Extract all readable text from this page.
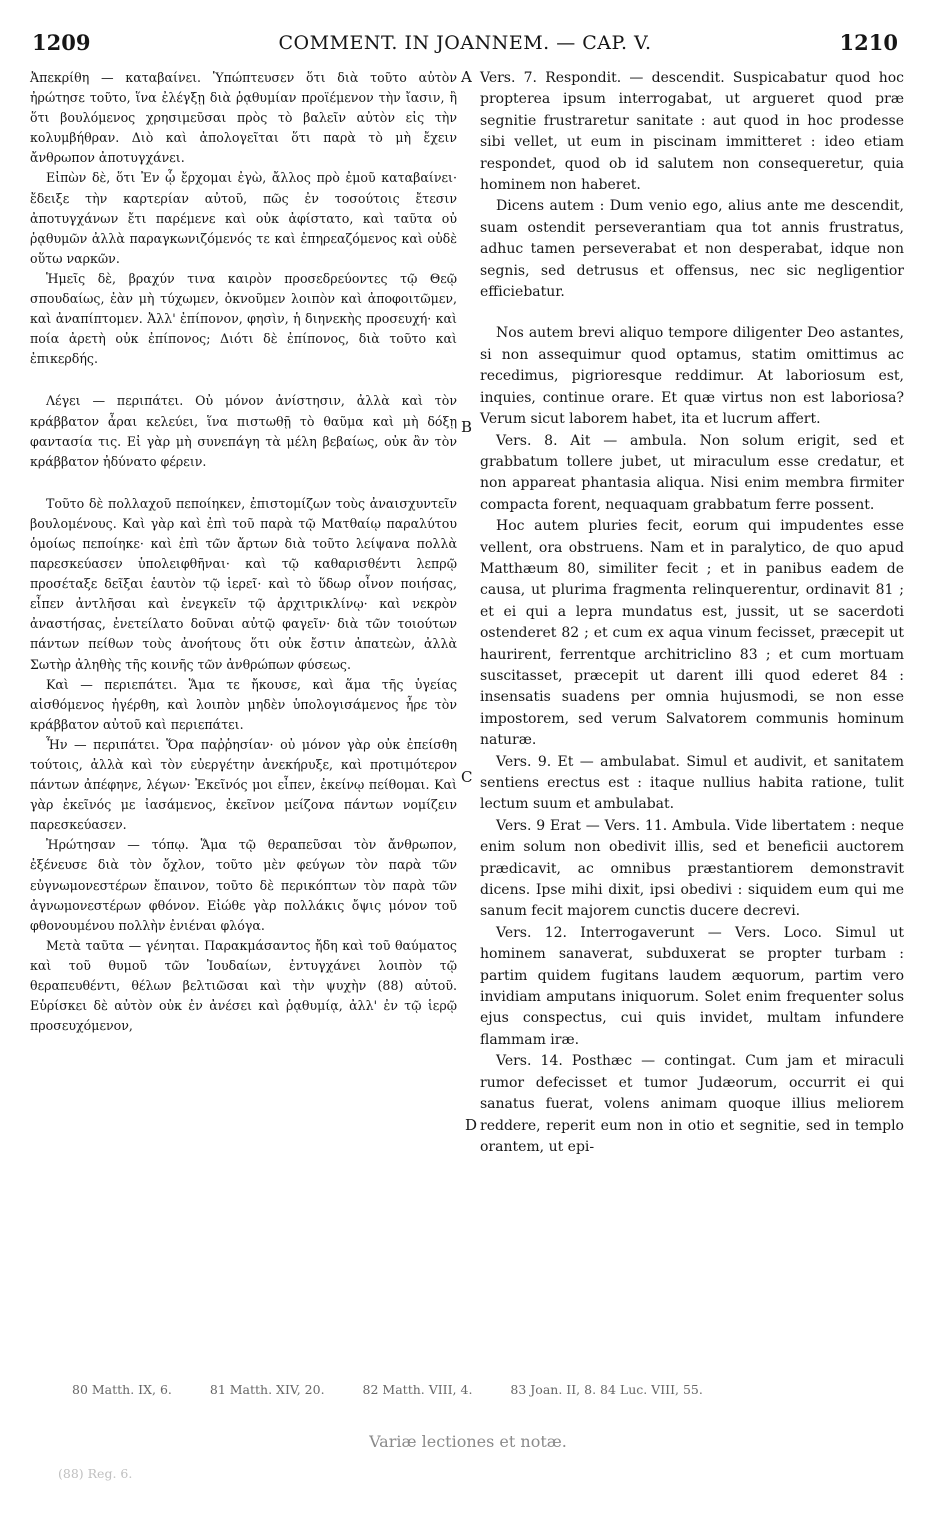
1209	COMMENT. IN JOANNEM. — CAP. V.	1210

Ἀπεκρίθη — καταβαίνει. Ὑπώπτευσεν ὅτι διὰ τοῦτο αὐτὸν ἠρώτησε τοῦτο, ἵνα ἐλέγξῃ διὰ ῥᾳθυμίαν προϊέμενον τὴν ἴασιν, ἢ ὅτι βουλόμενος χρησιμεῦσαι πρὸς τὸ βαλεῖν αὐτὸν εἰς τὴν κολυμβήθραν. Διὸ καὶ ἀπολογεῖται ὅτι παρὰ τὸ μὴ ἔχειν ἄνθρωπον ἀποτυγχάνει.

Εἰπὼν δὲ, ὅτι Ἐν ᾧ ἔρχομαι ἐγὼ, ἄλλος πρὸ ἐμοῦ καταβαίνει· ἔδειξε τὴν καρτερίαν αὐτοῦ, πῶς ἐν τοσούτοις ἔτεσιν ἀποτυγχάνων ἔτι παρέμενε καὶ οὐκ ἀφίστατο, καὶ ταῦτα οὐ ῥᾳθυμῶν ἀλλὰ παραγκωνιζόμενός τε καὶ ἐπηρεαζόμενος καὶ οὐδὲ οὕτω ναρκῶν.

Ἡμεῖς δὲ, βραχύν τινα καιρὸν προσεδρεύοντες τῷ Θεῷ σπουδαίως, ἐὰν μὴ τύχωμεν, ὀκνοῦμεν λοιπὸν καὶ ἀποφοιτῶμεν, καὶ ἀναπίπτομεν. Ἀλλ' ἐπίπονον, φησὶν, ἡ διηνεκὴς προσευχή· καὶ ποία ἀρετὴ οὐκ ἐπίπονος; Διότι δὲ ἐπίπονος, διὰ τοῦτο καὶ ἐπικερδής.

Λέγει — περιπάτει. Οὐ μόνον ἀνίστησιν, ἀλλὰ καὶ τὸν κράββατον ἆραι κελεύει, ἵνα πιστωθῇ τὸ θαῦμα καὶ μὴ δόξῃ φαντασία τις. Εἰ γὰρ μὴ συνεπάγη τὰ μέλη βεβαίως, οὐκ ἂν τὸν κράββατον ἠδύνατο φέρειν.

Τοῦτο δὲ πολλαχοῦ πεποίηκεν, ἐπιστομίζων τοὺς ἀναισχυντεῖν βουλομένους. Καὶ γὰρ καὶ ἐπὶ τοῦ παρὰ τῷ Ματθαίῳ παραλύτου ὁμοίως πεποίηκε· καὶ ἐπὶ τῶν ἄρτων διὰ τοῦτο λείψανα πολλὰ παρεσκεύασεν ὑπολειφθῆναι· καὶ τῷ καθαρισθέντι λεπρῷ προσέταξε δεῖξαι ἑαυτὸν τῷ ἱερεῖ· καὶ τὸ ὕδωρ οἶνον ποιήσας, εἶπεν ἀντλῆσαι καὶ ἐνεγκεῖν τῷ ἀρχιτρικλίνῳ· καὶ νεκρὸν ἀναστήσας, ἐνετείλατο δοῦναι αὐτῷ φαγεῖν· διὰ τῶν τοιούτων πάντων πείθων τοὺς ἀνοήτους ὅτι οὐκ ἔστιν ἀπατεὼν, ἀλλὰ Σωτὴρ ἀληθὴς τῆς κοινῆς τῶν ἀνθρώπων φύσεως.

Καὶ — περιεπάτει. Ἅμα τε ἤκουσε, καὶ ἅμα τῆς ὑγείας αἰσθόμενος ἠγέρθη, καὶ λοιπὸν μηδὲν ὑπολογισάμενος ἦρε τὸν κράββατον αὐτοῦ καὶ περιεπάτει.

Ἦν — περιπάτει. Ὅρα παῤῥησίαν· οὐ μόνον γὰρ οὐκ ἐπείσθη τούτοις, ἀλλὰ καὶ τὸν εὐεργέτην ἀνεκήρυξε, καὶ προτιμότερον πάντων ἀπέφηνε, λέγων· Ἐκεῖνός μοι εἶπεν, ἐκείνῳ πείθομαι. Καὶ γὰρ ἐκεῖνός με ἰασάμενος, ἐκεῖνον μείζονα πάντων νομίζειν παρεσκεύασεν.

Ἠρώτησαν — τόπῳ. Ἅμα τῷ θεραπεῦσαι τὸν ἄνθρωπον, ἐξένευσε διὰ τὸν ὄχλον, τοῦτο μὲν φεύγων τὸν παρὰ τῶν εὐγνωμονεστέρων ἔπαινον, τοῦτο δὲ περικόπτων τὸν παρὰ τῶν ἀγνωμονεστέρων φθόνον. Εἰώθε γὰρ πολλάκις ὄψις μόνον τοῦ φθονουμένου πολλὴν ἐνιέναι φλόγα.

Μετὰ ταῦτα — γένηται. Παρακμάσαντος ἤδη καὶ τοῦ θαύματος καὶ τοῦ θυμοῦ τῶν Ἰουδαίων, ἐντυγχάνει λοιπὸν τῷ θεραπευθέντι, θέλων βελτιῶσαι καὶ τὴν ψυχὴν (88) αὐτοῦ. Εὑρίσκει δὲ αὐτὸν οὐκ ἐν ἀνέσει καὶ ῥᾳθυμίᾳ, ἀλλ' ἐν τῷ ἱερῷ προσευχόμενον,

A
B
C
D

Vers. 7. Respondit. — descendit. Suspicabatur quod hoc propterea ipsum interrogabat, ut argueret quod præ segnitie frustraretur sanitate : aut quod in hoc prodesse sibi vellet, ut eum in piscinam immitteret : ideo etiam respondet, quod ob id salutem non consequeretur, quia hominem non haberet.

Dicens autem : Dum venio ego, alius ante me descendit, suam ostendit perseverantiam qua tot annis frustratus, adhuc tamen perseverabat et non desperabat, idque non segnis, sed detrusus et offensus, nec sic negligentior efficiebatur.

Nos autem brevi aliquo tempore diligenter Deo astantes, si non assequimur quod optamus, statim omittimus ac recedimus, pigrioresque reddimur. At laboriosum est, inquies, continue orare. Et quæ virtus non est laboriosa? Verum sicut laborem habet, ita et lucrum affert.

Vers. 8. Ait — ambula. Non solum erigit, sed et grabbatum tollere jubet, ut miraculum esse credatur, et non appareat phantasia aliqua. Nisi enim membra firmiter compacta forent, nequaquam grabbatum ferre possent.

Hoc autem pluries fecit, eorum qui impudentes esse vellent, ora obstruens. Nam et in paralytico, de quo apud Matthæum 80, similiter fecit ; et in panibus eadem de causa, ut plurima fragmenta relinquerentur, ordinavit 81 ; et ei qui a lepra mundatus est, jussit, ut se sacerdoti ostenderet 82 ; et cum ex aqua vinum fecisset, præcepit ut haurirent, ferrentque architriclino 83 ; et cum mortuam suscitasset, præcepit ut darent illi quod ederet 84 : insensatis suadens per omnia hujusmodi, se non esse impostorem, sed verum Salvatorem communis hominum naturæ.

Vers. 9. Et — ambulabat. Simul et audivit, et sanitatem sentiens erectus est : itaque nullius habita ratione, tulit lectum suum et ambulabat.

Vers. 9 Erat — Vers. 11. Ambula. Vide libertatem : neque enim solum non obedivit illis, sed et beneficii auctorem prædicavit, ac omnibus præstantiorem demonstravit dicens. Ipse mihi dixit, ipsi obedivi : siquidem eum qui me sanum fecit majorem cunctis ducere decrevi.

Vers. 12. Interrogaverunt — Vers. Loco. Simul ut hominem sanaverat, subduxerat se propter turbam : partim quidem fugitans laudem æquorum, partim vero invidiam amputans iniquorum. Solet enim frequenter solus ejus conspectus, cui quis invidet, multam infundere flammam iræ.

Vers. 14. Posthæc — contingat. Cum jam et miraculi rumor defecisset et tumor Judæorum, occurrit ei qui sanatus fuerat, volens animam quoque illius meliorem reddere, reperit eum non in otio et segnitie, sed in templo orantem, ut epi-

80 Matth. IX, 6.	81 Matth. XIV, 20.	82 Matth. VIII, 4.	83 Joan. II, 8. 84 Luc. VIII, 55.
Variæ lectiones et notæ.
(88) Reg. 6.
